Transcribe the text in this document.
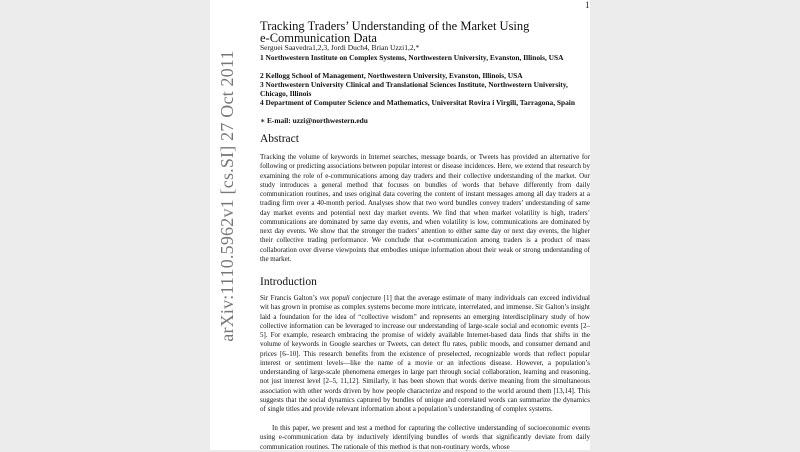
1
arXiv:1110.5962v1 [cs.SI] 27 Oct 2011
Tracking Traders’ Understanding of the Market Using
e-Communication Data
Serguei Saavedra1,2,3, Jordi Duch4, Brian Uzzi1,2,*
1 Northwestern Institute on Complex Systems, Northwestern University, Evanston, Illinois, USA
2 Kellogg School of Management, Northwestern University, Evanston, Illinois, USA
3 Northwestern University Clinical and Translational Sciences Institute, Northwestern University, Chicago, Illinois
4 Department of Computer Science and Mathematics, Universitat Rovira i Virgili, Tarragona, Spain
∗ E-mail: uzzi@northwestern.edu
Abstract
Tracking the volume of keywords in Internet searches, message boards, or Tweets has provided an alternative for following or predicting associations between popular interest or disease incidences. Here, we extend that research by examining the role of e-communications among day traders and their collective understanding of the market. Our study introduces a general method that focuses on bundles of words that behave differently from daily communication routines, and uses original data covering the content of instant messages among all day traders at a trading firm over a 40-month period. Analyses show that two word bundles convey traders’ understanding of same day market events and potential next day market events. We find that when market volatility is high, traders’ communications are dominated by same day events, and when volatility is low, communications are dominated by next day events. We show that the stronger the traders’ attention to either same day or next day events, the higher their collective trading performance. We conclude that e-communication among traders is a product of mass collaboration over diverse viewpoints that embodies unique information about their weak or strong understanding of the market.
Introduction
Sir Francis Galton’s vox populi conjecture [1] that the average estimate of many individuals can exceed individual wit has grown in promise as complex systems become more intricate, interrelated, and immense. Sir Galton’s insight laid a foundation for the idea of “collective wisdom” and represents an emerging interdisciplinary study of how collective information can be leveraged to increase our understanding of large-scale social and economic events [2–5]. For example, research embracing the promise of widely available Internet-based data finds that shifts in the volume of keywords in Google searches or Tweets, can detect flu rates, public moods, and consumer demand and prices [6–10]. This research benefits from the existence of preselected, recognizable words that reflect popular interest or sentiment levels—like the name of a movie or an infectious disease. However, a population’s understanding of large-scale phenomena emerges in large part through social collaboration, learning and reasoning, not just interest level [2–5, 11,12]. Similarly, it has been shown that words derive meaning from the simultaneous association with other words driven by how people characterize and respond to the world around them [13,14]. This suggests that the social dynamics captured by bundles of unique and correlated words can summarize the dynamics of single titles and provide relevant information about a population’s understanding of complex systems.
In this paper, we present and test a method for capturing the collective understanding of socioeconomic events using e-communication data by inductively identifying bundles of words that significantly deviate from daily communication routines. The rationale of this method is that non-routinary words, whose
